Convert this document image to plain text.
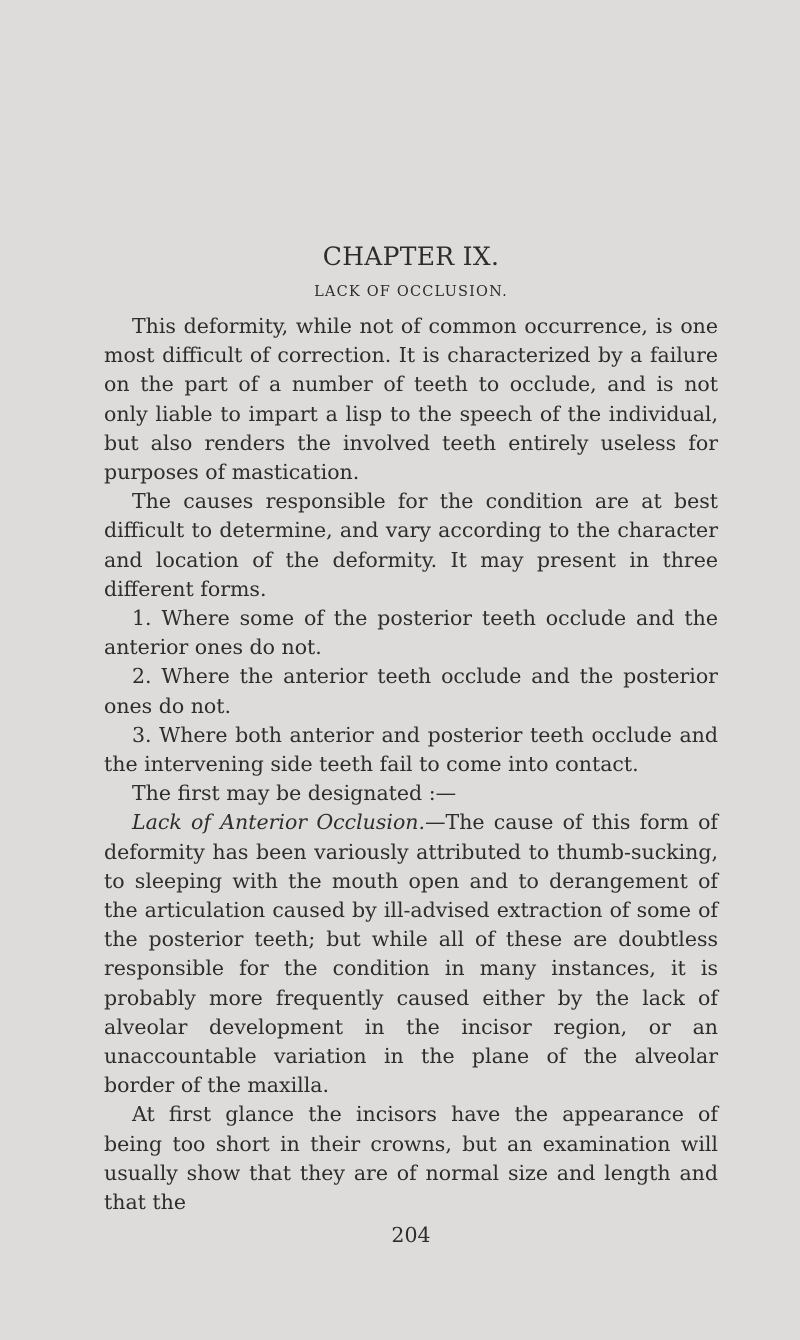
CHAPTER IX.
LACK OF OCCLUSION.

This deformity, while not of common occurrence, is one most difficult of correction. It is characterized by a failure on the part of a number of teeth to occlude, and is not only liable to impart a lisp to the speech of the individual, but also renders the involved teeth entirely useless for purposes of mastication.

The causes responsible for the condition are at best difficult to determine, and vary according to the character and location of the deformity. It may present in three different forms.

1. Where some of the posterior teeth occlude and the anterior ones do not.

2. Where the anterior teeth occlude and the posterior ones do not.

3. Where both anterior and posterior teeth occlude and the intervening side teeth fail to come into contact.

The first may be designated :—

Lack of Anterior Occlusion.—The cause of this form of deformity has been variously attributed to thumb-sucking, to sleeping with the mouth open and to derangement of the articulation caused by ill-advised extraction of some of the posterior teeth; but while all of these are doubtless responsible for the condition in many instances, it is probably more frequently caused either by the lack of alveolar development in the incisor region, or an unaccountable variation in the plane of the alveolar border of the maxilla.

At first glance the incisors have the appearance of being too short in their crowns, but an examination will usually show that they are of normal size and length and that the

204
